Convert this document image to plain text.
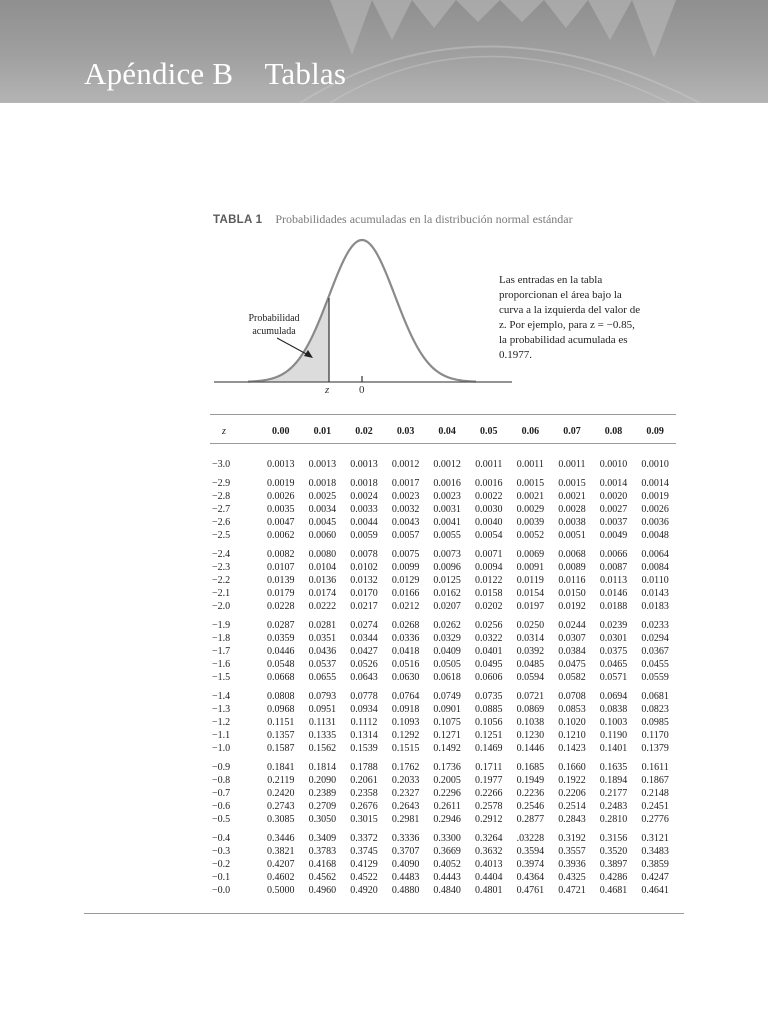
Apéndice B    Tablas
TABLA 1 Probabilidades acumuladas en la distribución normal estándar
Probabilidad acumulada
Las entradas en la tabla proporcionan el área bajo la curva a la izquierda del valor de z. Por ejemplo, para z = −0.85, la probabilidad acumulada es 0.1977.
z	0
z	0.00	0.01	0.02	0.03	0.04	0.05	0.06	0.07	0.08	0.09
−3.0	0.0013	0.0013	0.0013	0.0012	0.0012	0.0011	0.0011	0.0011	0.0010	0.0010
−2.9	0.0019	0.0018	0.0018	0.0017	0.0016	0.0016	0.0015	0.0015	0.0014	0.0014
−2.8	0.0026	0.0025	0.0024	0.0023	0.0023	0.0022	0.0021	0.0021	0.0020	0.0019
−2.7	0.0035	0.0034	0.0033	0.0032	0.0031	0.0030	0.0029	0.0028	0.0027	0.0026
−2.6	0.0047	0.0045	0.0044	0.0043	0.0041	0.0040	0.0039	0.0038	0.0037	0.0036
−2.5	0.0062	0.0060	0.0059	0.0057	0.0055	0.0054	0.0052	0.0051	0.0049	0.0048
−2.4	0.0082	0.0080	0.0078	0.0075	0.0073	0.0071	0.0069	0.0068	0.0066	0.0064
−2.3	0.0107	0.0104	0.0102	0.0099	0.0096	0.0094	0.0091	0.0089	0.0087	0.0084
−2.2	0.0139	0.0136	0.0132	0.0129	0.0125	0.0122	0.0119	0.0116	0.0113	0.0110
−2.1	0.0179	0.0174	0.0170	0.0166	0.0162	0.0158	0.0154	0.0150	0.0146	0.0143
−2.0	0.0228	0.0222	0.0217	0.0212	0.0207	0.0202	0.0197	0.0192	0.0188	0.0183
−1.9	0.0287	0.0281	0.0274	0.0268	0.0262	0.0256	0.0250	0.0244	0.0239	0.0233
−1.8	0.0359	0.0351	0.0344	0.0336	0.0329	0.0322	0.0314	0.0307	0.0301	0.0294
−1.7	0.0446	0.0436	0.0427	0.0418	0.0409	0.0401	0.0392	0.0384	0.0375	0.0367
−1.6	0.0548	0.0537	0.0526	0.0516	0.0505	0.0495	0.0485	0.0475	0.0465	0.0455
−1.5	0.0668	0.0655	0.0643	0.0630	0.0618	0.0606	0.0594	0.0582	0.0571	0.0559
−1.4	0.0808	0.0793	0.0778	0.0764	0.0749	0.0735	0.0721	0.0708	0.0694	0.0681
−1.3	0.0968	0.0951	0.0934	0.0918	0.0901	0.0885	0.0869	0.0853	0.0838	0.0823
−1.2	0.1151	0.1131	0.1112	0.1093	0.1075	0.1056	0.1038	0.1020	0.1003	0.0985
−1.1	0.1357	0.1335	0.1314	0.1292	0.1271	0.1251	0.1230	0.1210	0.1190	0.1170
−1.0	0.1587	0.1562	0.1539	0.1515	0.1492	0.1469	0.1446	0.1423	0.1401	0.1379
−0.9	0.1841	0.1814	0.1788	0.1762	0.1736	0.1711	0.1685	0.1660	0.1635	0.1611
−0.8	0.2119	0.2090	0.2061	0.2033	0.2005	0.1977	0.1949	0.1922	0.1894	0.1867
−0.7	0.2420	0.2389	0.2358	0.2327	0.2296	0.2266	0.2236	0.2206	0.2177	0.2148
−0.6	0.2743	0.2709	0.2676	0.2643	0.2611	0.2578	0.2546	0.2514	0.2483	0.2451
−0.5	0.3085	0.3050	0.3015	0.2981	0.2946	0.2912	0.2877	0.2843	0.2810	0.2776
−0.4	0.3446	0.3409	0.3372	0.3336	0.3300	0.3264	.03228	0.3192	0.3156	0.3121
−0.3	0.3821	0.3783	0.3745	0.3707	0.3669	0.3632	0.3594	0.3557	0.3520	0.3483
−0.2	0.4207	0.4168	0.4129	0.4090	0.4052	0.4013	0.3974	0.3936	0.3897	0.3859
−0.1	0.4602	0.4562	0.4522	0.4483	0.4443	0.4404	0.4364	0.4325	0.4286	0.4247
−0.0	0.5000	0.4960	0.4920	0.4880	0.4840	0.4801	0.4761	0.4721	0.4681	0.4641
